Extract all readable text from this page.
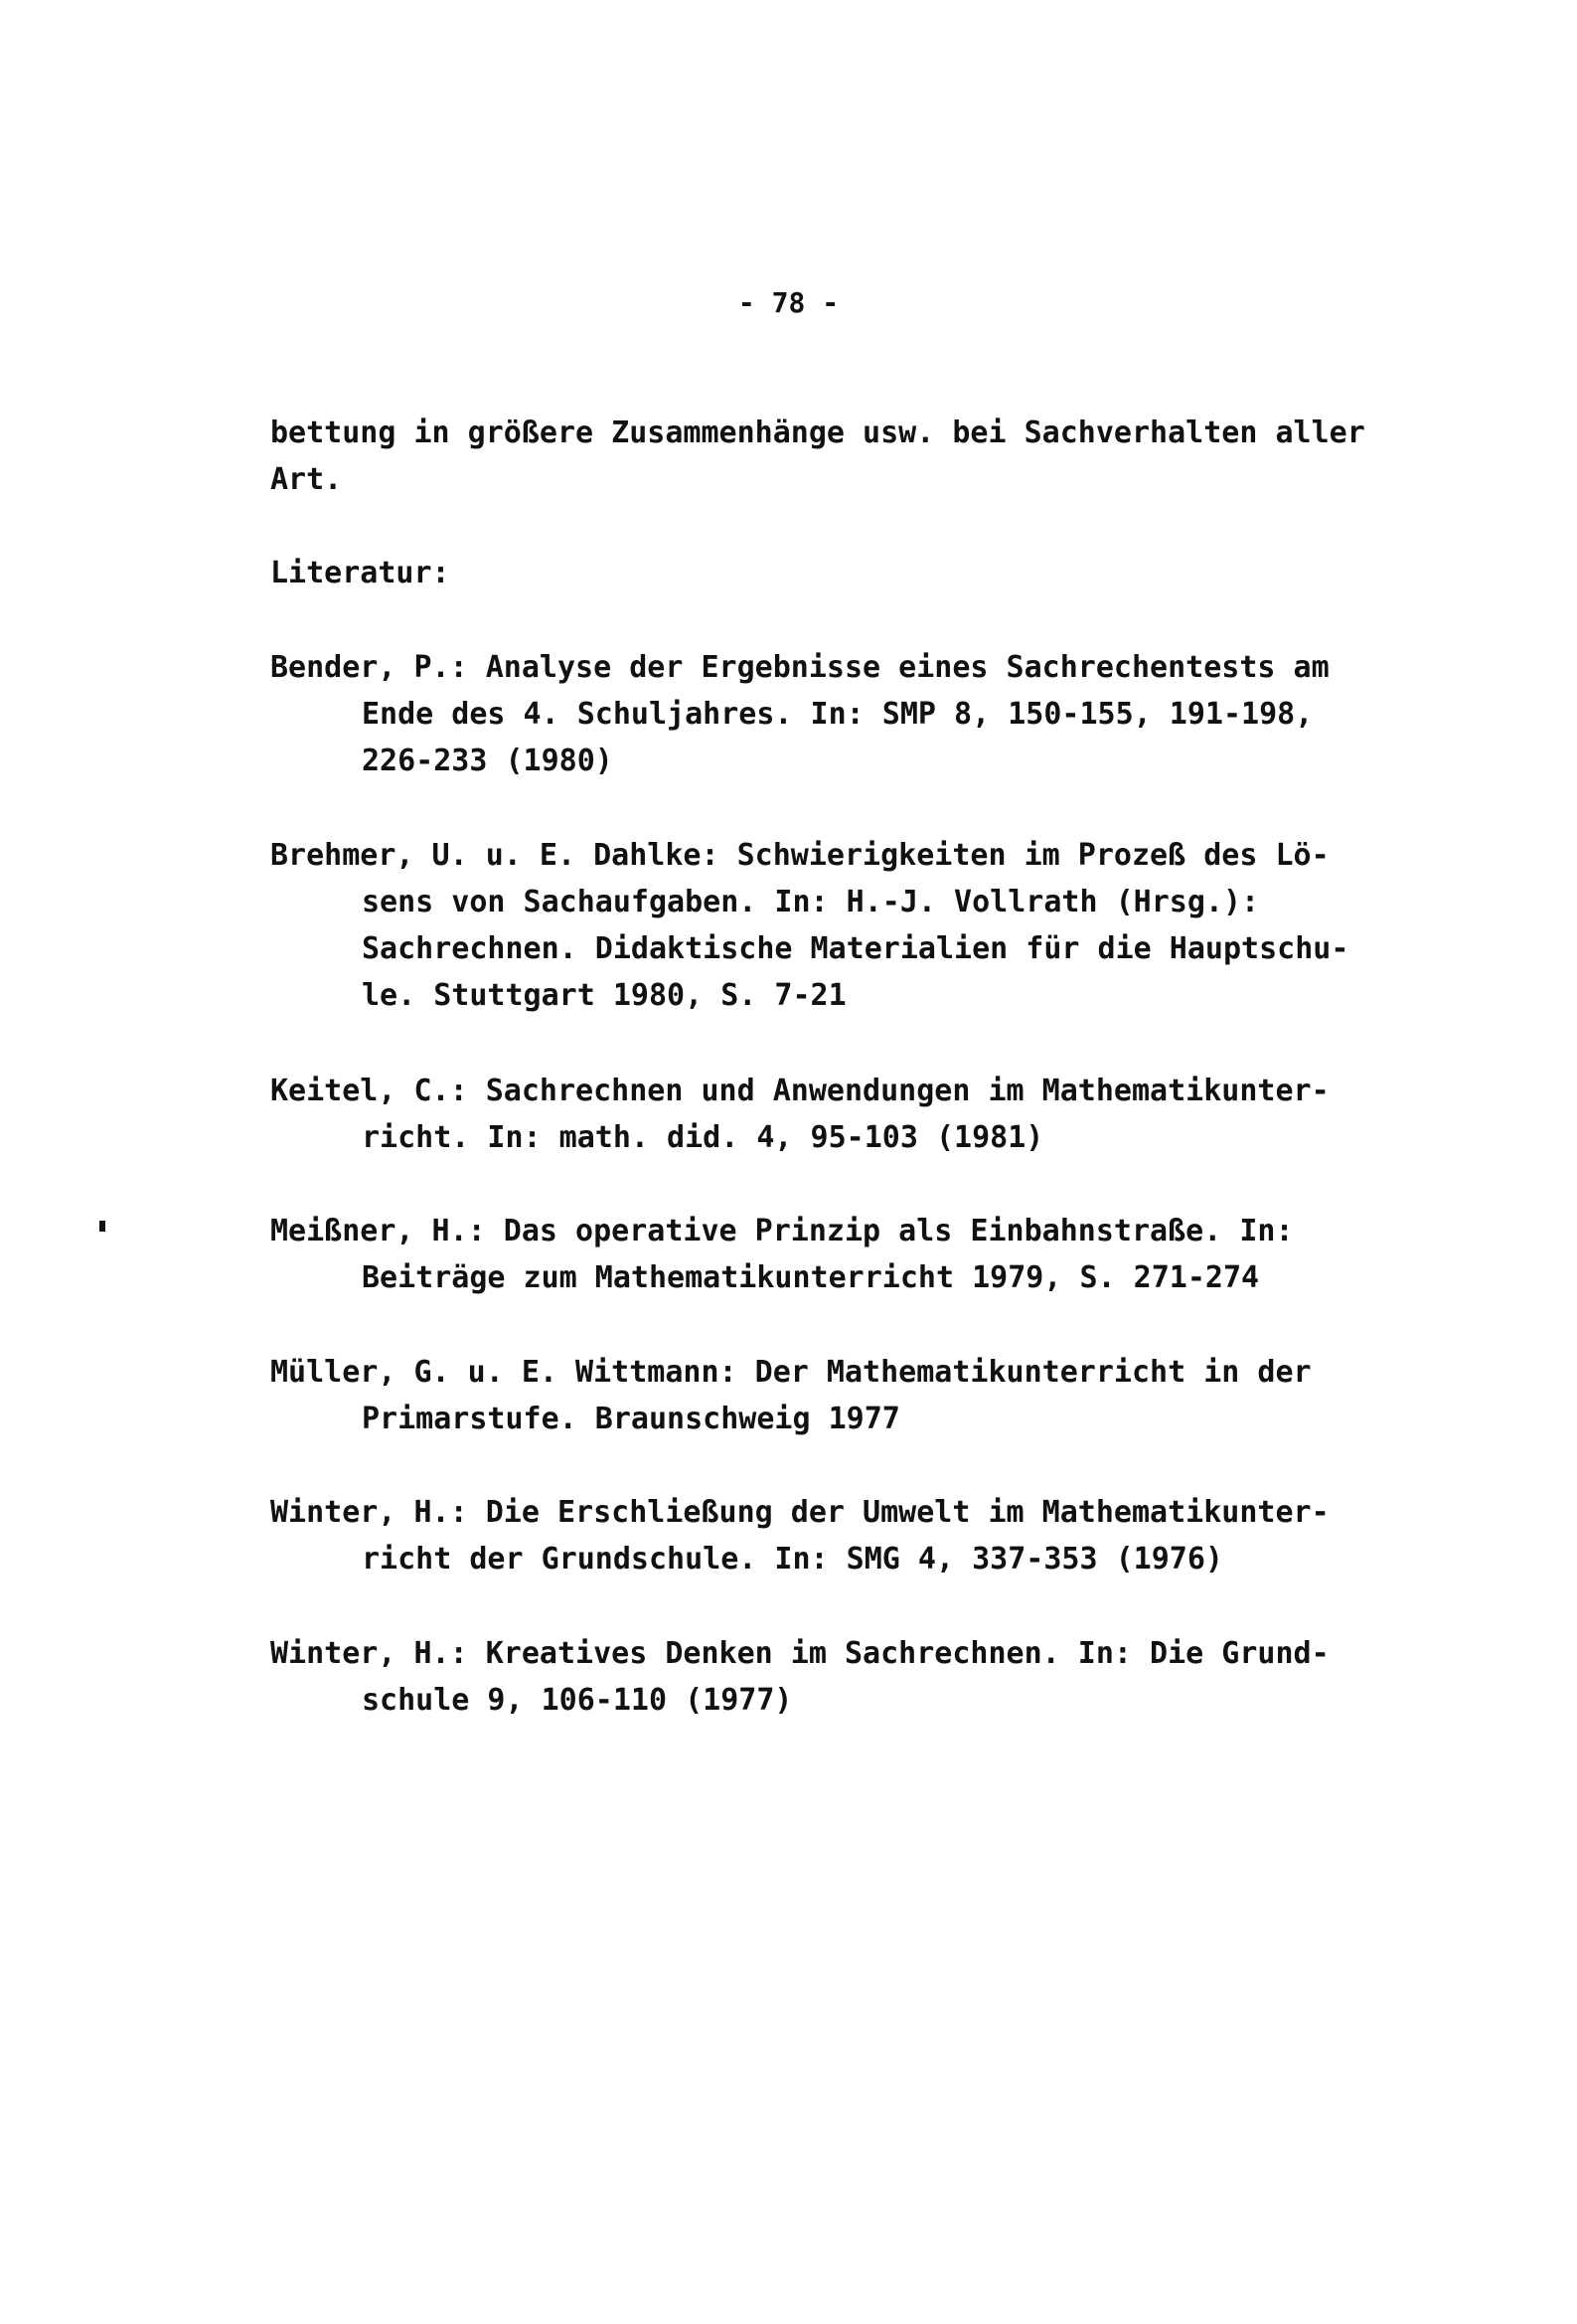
- 78 -
bettung in größere Zusammenhänge usw. bei Sachverhalten aller
Art.
Literatur:
Bender, P.: Analyse der Ergebnisse eines Sachrechentests am
Ende des 4. Schuljahres. In: SMP 8, 150-155, 191-198,
226-233 (1980)
Brehmer, U. u. E. Dahlke: Schwierigkeiten im Prozeß des Lö-
sens von Sachaufgaben. In: H.-J. Vollrath (Hrsg.):
Sachrechnen. Didaktische Materialien für die Hauptschu-
le. Stuttgart 1980, S. 7-21
Keitel, C.: Sachrechnen und Anwendungen im Mathematikunter-
richt. In: math. did. 4, 95-103 (1981)
Meißner, H.: Das operative Prinzip als Einbahnstraße. In:
Beiträge zum Mathematikunterricht 1979, S. 271-274
Müller, G. u. E. Wittmann: Der Mathematikunterricht in der
Primarstufe. Braunschweig 1977
Winter, H.: Die Erschließung der Umwelt im Mathematikunter-
richt der Grundschule. In: SMG 4, 337-353 (1976)
Winter, H.: Kreatives Denken im Sachrechnen. In: Die Grund-
schule 9, 106-110 (1977)
